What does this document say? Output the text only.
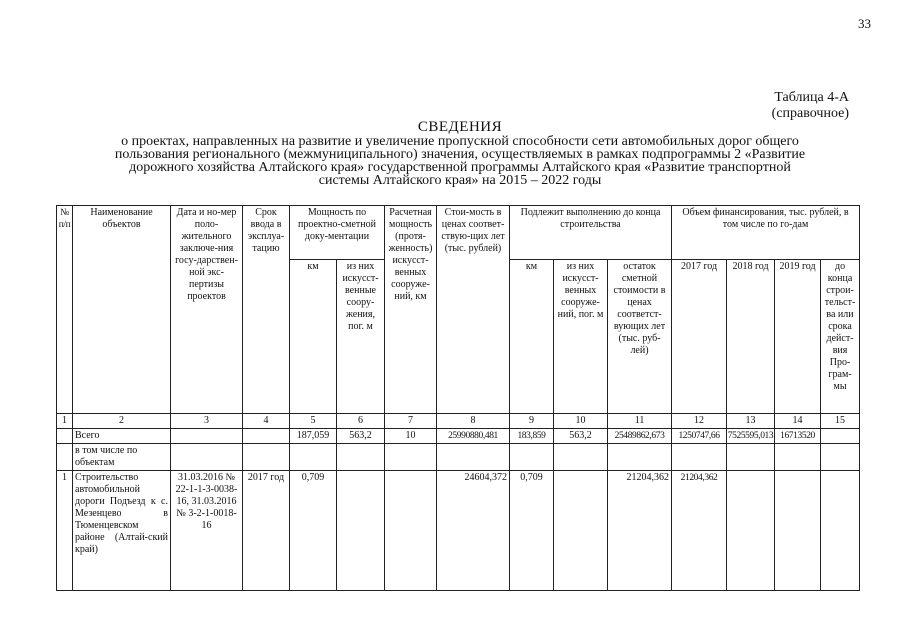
33
Таблица 4-А
(справочное)
СВЕДЕНИЯ
о проектах, направленных на развитие и увеличение пропускной способности сети автомобильных дорог общего
пользования регионального (межмуниципального) значения, осуществляемых в рамках подпрограммы 2 «Развитие
дорожного хозяйства Алтайского края» государственной программы Алтайского края «Развитие транспортной
системы Алтайского края» на 2015 – 2022 годы
№ п/п	Наименование объектов	Дата и но-мер поло-жительного заключе-ния госу-дарствен-ной экс-пертизы проектов	Срок ввода в эксплуа-тацию	Мощность по проектно-сметной доку-ментации		Расчетная мощность (протя-женность) искусст-венных сооруже-ний, км	Стои-мость в ценах соответ-ствую-щих лет (тыс. рублей)	Подлежит выполнению до конца строительства			Объем финансирования, тыс. рублей, в том числе по го-дам			
				км	из них искусст-венные соору-жения, пог. м			км	из них искусст-венных сооруже-ний, пог. м	остаток сметной стоимости в ценах соответст-вующих лет (тыс. руб-лей)	2017 год	2018 год	2019 год	до конца строи-тельст-ва или срока дейст-вия Про-грам-мы
1	2	3	4	5	6	7	8	9	10	11	12	13	14	15
	Всего			187,059	563,2	10	25990880,481	183,859	563,2	25489862,673	1250747,66	7525595,013	16713520	
	в том числе по объектам													
1	Строительство автомобильной дороги Подъезд к с. Мезенцево в Тюменцевском районе (Алтай-ский край)	31.03.2016 № 22-1-1-3-0038-16, 31.03.2016 № 3-2-1-0018-16	2017 год	0,709			24604,372	0,709		21204,362	21204,362			
